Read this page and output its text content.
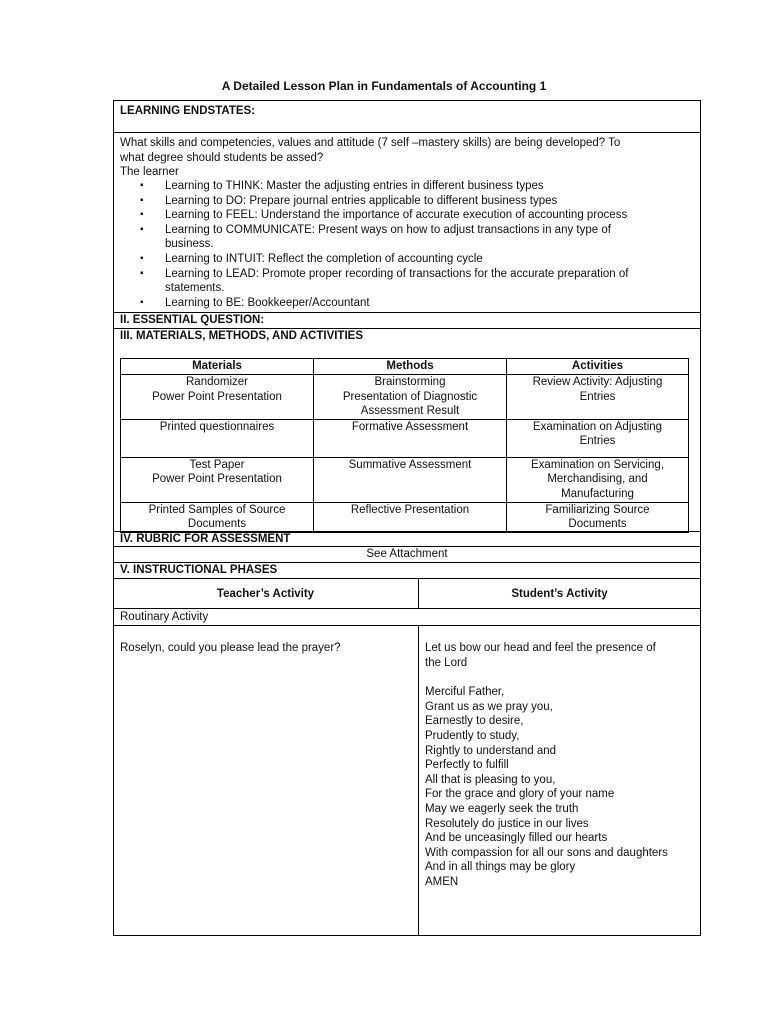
A Detailed Lesson Plan in Fundamentals of Accounting 1
LEARNING ENDSTATES:
What skills and competencies, values and attitude (7 self –mastery skills) are being developed? To
what degree should students be assed?
The learner
▪ Learning to THINK: Master the adjusting entries in different business types
▪ Learning to DO: Prepare journal entries applicable to different business types
▪ Learning to FEEL: Understand the importance of accurate execution of accounting process
▪ Learning to COMMUNICATE: Present ways on how to adjust transactions in any type of
business.
▪ Learning to INTUIT: Reflect the completion of accounting cycle
▪ Learning to LEAD: Promote proper recording of transactions for the accurate preparation of
statements.
▪ Learning to BE: Bookkeeper/Accountant
II. ESSENTIAL QUESTION:
III. MATERIALS, METHODS, AND ACTIVITIES
Materials	Methods	Activities

Randomizer
Power Point Presentation	Brainstorming
Presentation of Diagnostic
Assessment Result	Review Activity: Adjusting
Entries

Printed questionnaires	Formative Assessment	Examination on Adjusting
Entries

Test Paper
Power Point Presentation	Summative Assessment	Examination on Servicing,
Merchandising, and
Manufacturing

Printed Samples of Source
Documents	Reflective Presentation	Familiarizing Source
Documents
IV. RUBRIC FOR ASSESSMENT
See Attachment
V. INSTRUCTIONAL PHASES
Teacher’s Activity	Student’s Activity
Routinary Activity
Roselyn, could you please lead the prayer?	Let us bow our head and feel the presence of
the Lord
Merciful Father,
Grant us as we pray you,
Earnestly to desire,
Prudently to study,
Rightly to understand and
Perfectly to fulfill
All that is pleasing to you,
For the grace and glory of your name
May we eagerly seek the truth
Resolutely do justice in our lives
And be unceasingly filled our hearts
With compassion for all our sons and daughters
And in all things may be glory
AMEN
